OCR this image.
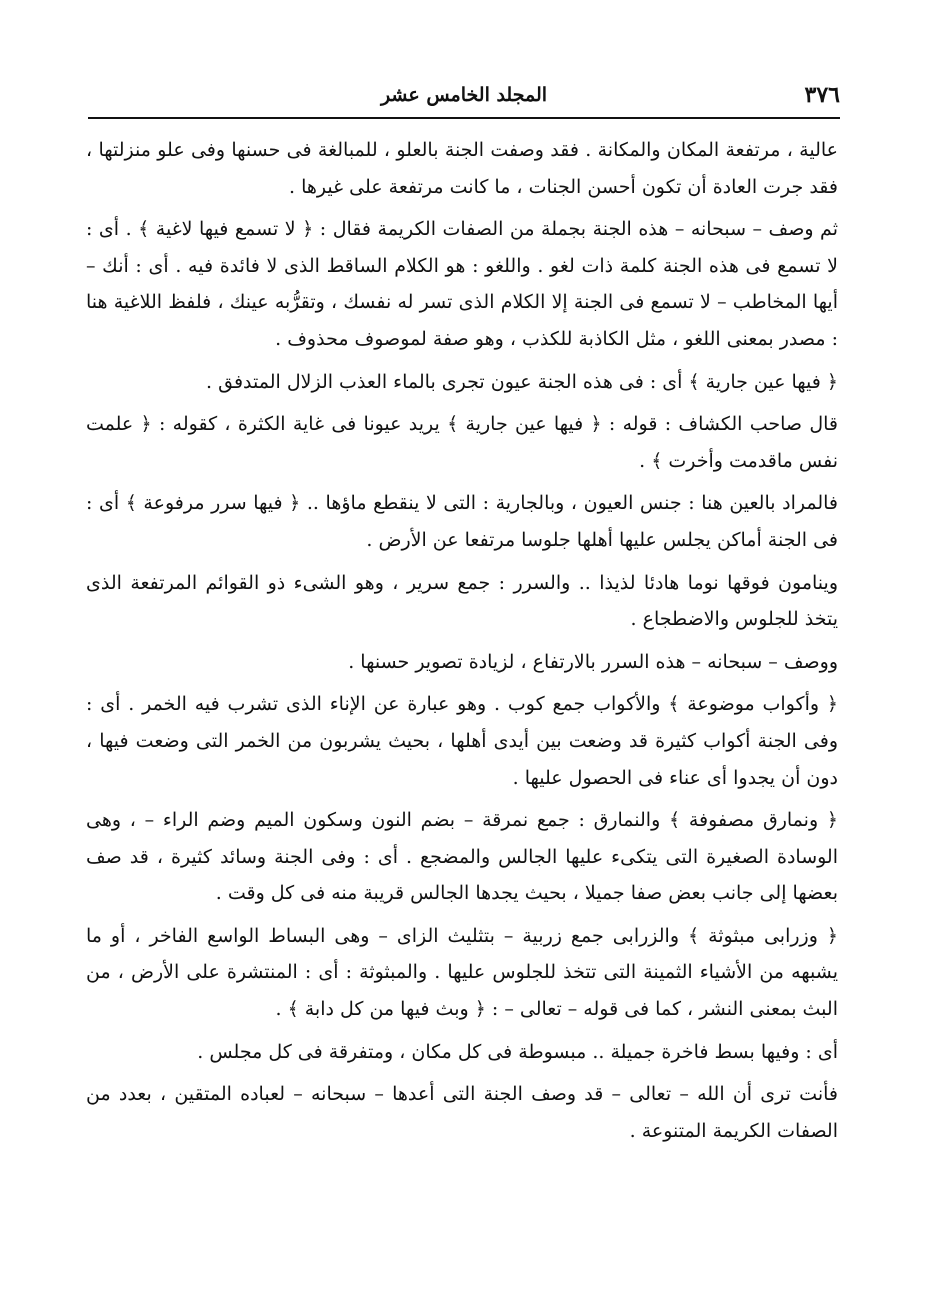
٣٧٦
المجلد الخامس عشر

عالية ، مرتفعة المكان والمكانة . فقد وصفت الجنة بالعلو ، للمبالغة فى حسنها وفى علو منزلتها ، فقد جرت العادة أن تكون أحسن الجنات ، ما كانت مرتفعة على غيرها .

ثم وصف – سبحانه – هذه الجنة بجملة من الصفات الكريمة فقال : ﴿ لا تسمع فيها لاغية ﴾ . أى : لا تسمع فى هذه الجنة كلمة ذات لغو . واللغو : هو الكلام الساقط الذى لا فائدة فيه . أى : أنك – أيها المخاطب – لا تسمع فى الجنة إلا الكلام الذى تسر له نفسك ، وتقرُّبه عينك ، فلفظ اللاغية هنا : مصدر بمعنى اللغو ، مثل الكاذبة للكذب ، وهو صفة لموصوف محذوف .

﴿ فيها عين جارية ﴾ أى : فى هذه الجنة عيون تجرى بالماء العذب الزلال المتدفق .

قال صاحب الكشاف : قوله : ﴿ فيها عين جارية ﴾ يريد عيونا فى غاية الكثرة ، كقوله : ﴿ علمت نفس ماقدمت وأخرت ﴾ .

فالمراد بالعين هنا : جنس العيون ، وبالجارية : التى لا ينقطع ماؤها .. ﴿ فيها سرر مرفوعة ﴾ أى : فى الجنة أماكن يجلس عليها أهلها جلوسا مرتفعا عن الأرض .

وينامون فوقها نوما هادئا لذيذا .. والسرر : جمع سرير ، وهو الشىء ذو القوائم المرتفعة الذى يتخذ للجلوس والاضطجاع .

ووصف – سبحانه – هذه السرر بالارتفاع ، لزيادة تصوير حسنها .

﴿ وأكواب موضوعة ﴾ والأكواب جمع كوب . وهو عبارة عن الإناء الذى تشرب فيه الخمر . أى : وفى الجنة أكواب كثيرة قد وضعت بين أيدى أهلها ، بحيث يشربون من الخمر التى وضعت فيها ، دون أن يجدوا أى عناء فى الحصول عليها .

﴿ ونمارق مصفوفة ﴾ والنمارق : جمع نمرقة – بضم النون وسكون الميم وضم الراء – ، وهى الوسادة الصغيرة التى يتكىء عليها الجالس والمضجع . أى : وفى الجنة وسائد كثيرة ، قد صف بعضها إلى جانب بعض صفا جميلا ، بحيث يجدها الجالس قريبة منه فى كل وقت .

﴿ وزرابى مبثوثة ﴾ والزرابى جمع زربية – بتثليث الزاى – وهى البساط الواسع الفاخر ، أو ما يشبهه من الأشياء الثمينة التى تتخذ للجلوس عليها . والمبثوثة : أى : المنتشرة على الأرض ، من البث بمعنى النشر ، كما فى قوله – تعالى – : ﴿ وبث فيها من كل دابة ﴾ .

أى : وفيها بسط فاخرة جميلة .. مبسوطة فى كل مكان ، ومتفرقة فى كل مجلس .

فأنت ترى أن الله – تعالى – قد وصف الجنة التى أعدها – سبحانه – لعباده المتقين ، بعدد من الصفات الكريمة المتنوعة .
